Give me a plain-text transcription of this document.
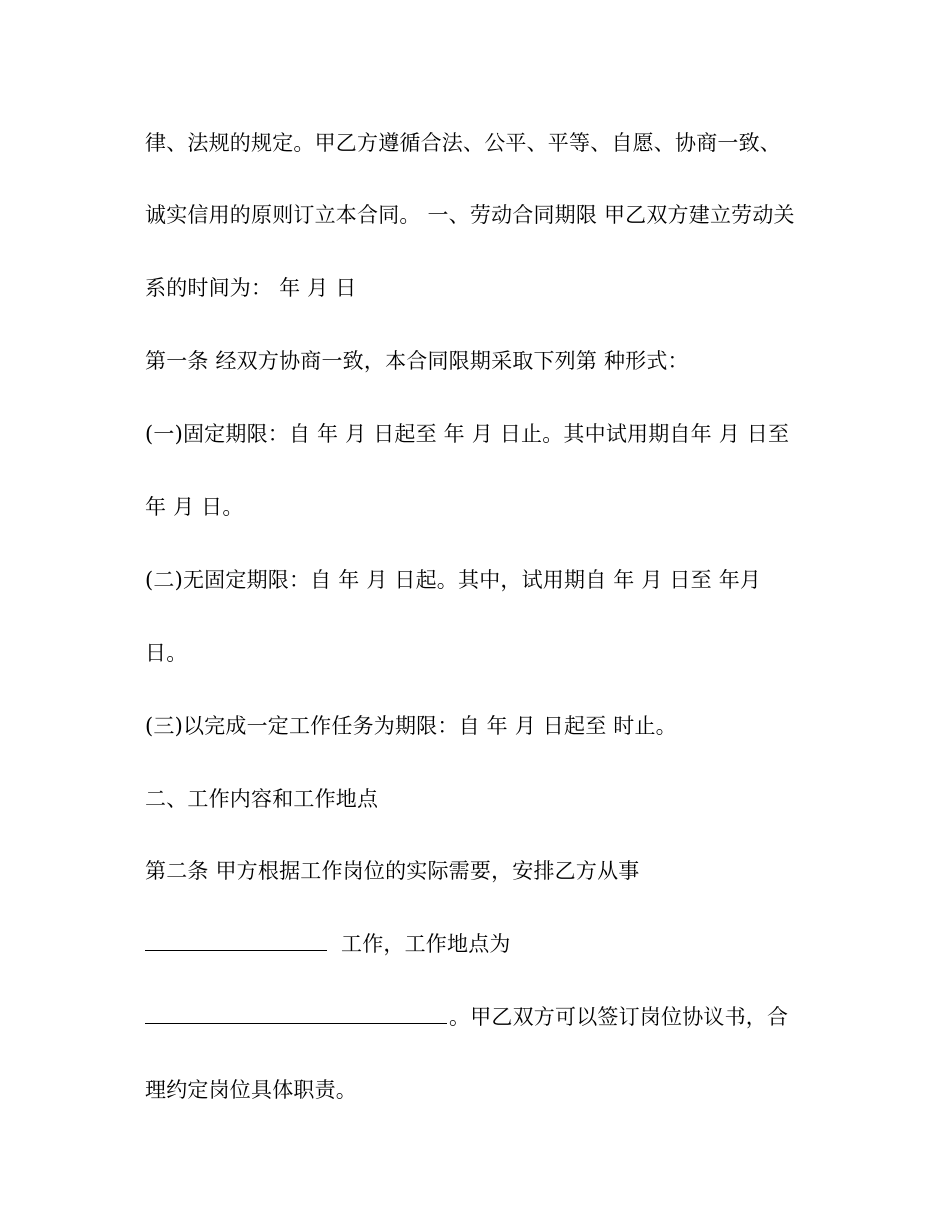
律、法规的规定。甲乙方遵循合法、公平、平等、自愿、协商一致、
诚实信用的原则订立本合同。 一、劳动合同期限 甲乙双方建立劳动关
系的时间为： 年 月 日
第一条 经双方协商一致，本合同限期采取下列第 种形式：
(一)固定期限：自 年 月 日起至 年 月 日止。其中试用期自年 月 日至
年 月 日。
(二)无固定期限：自 年 月 日起。其中，试用期自 年 月 日至 年月
日。
(三)以完成一定工作任务为期限：自 年 月 日起至 时止。
二、工作内容和工作地点
第二条 甲方根据工作岗位的实际需要，安排乙方从事
工作，工作地点为
。甲乙双方可以签订岗位协议书，合
理约定岗位具体职责。
